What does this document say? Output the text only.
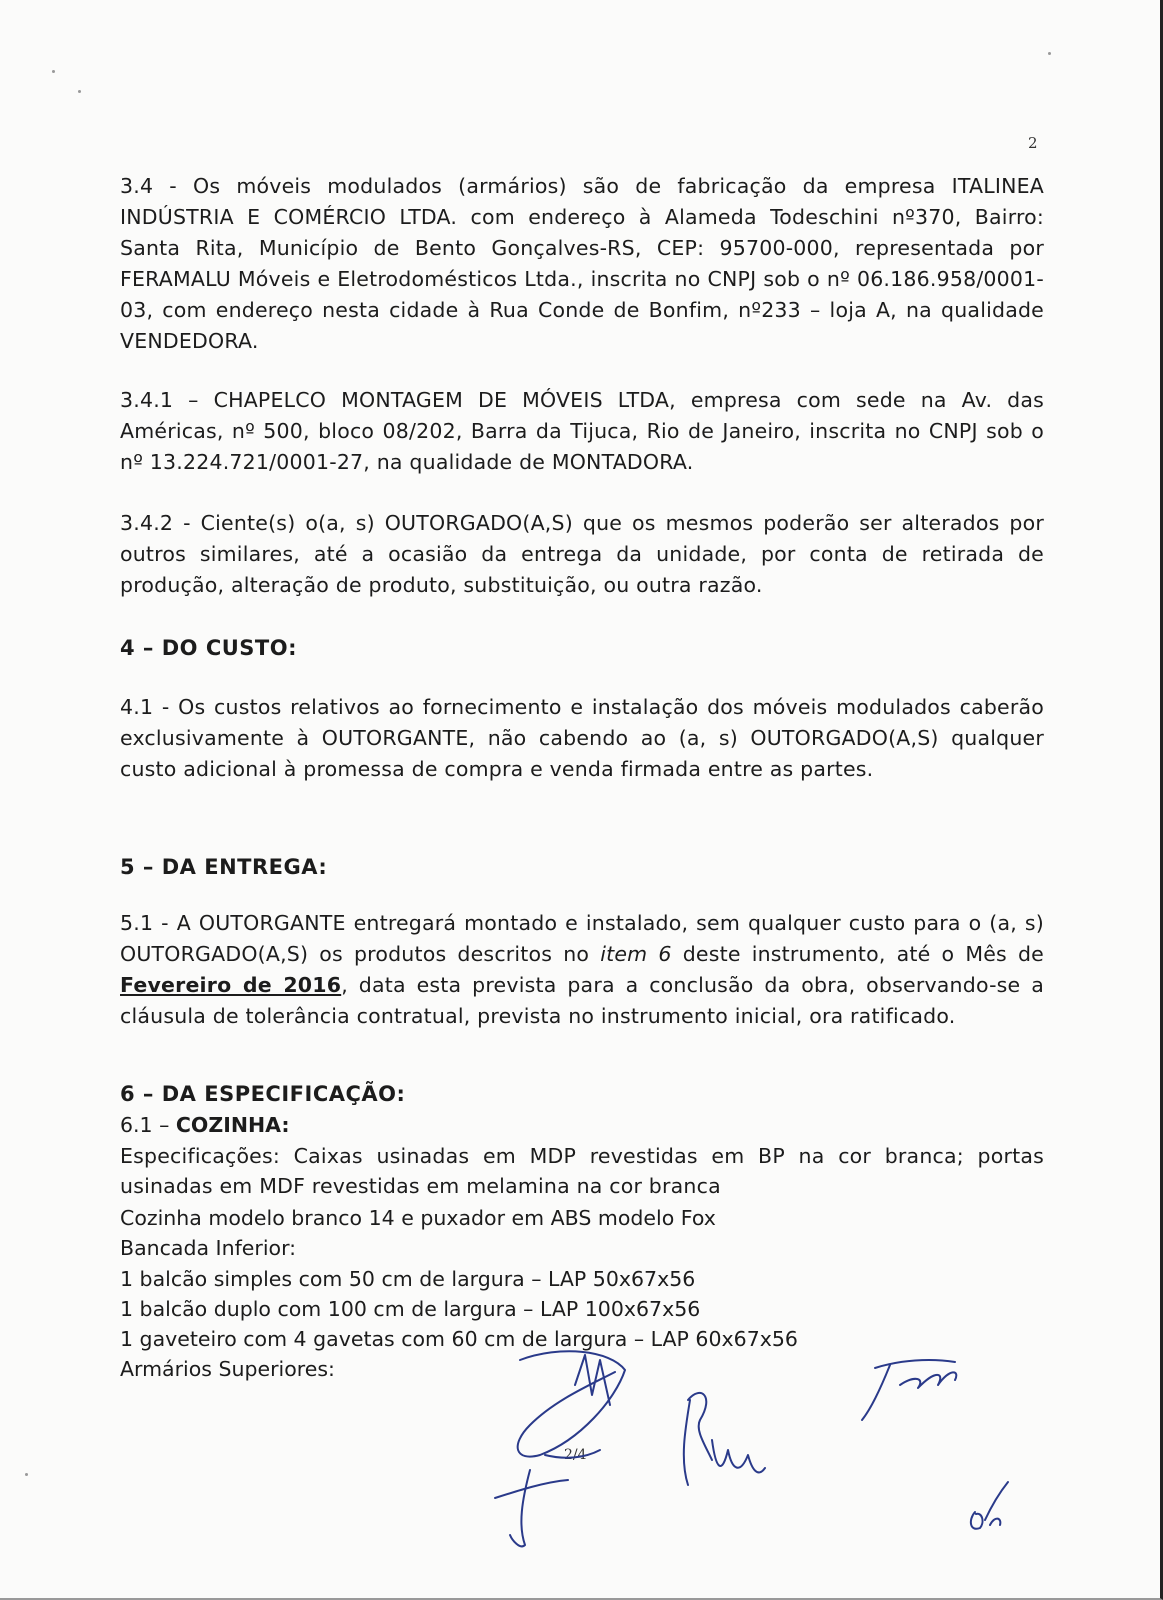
2
3.4 - Os móveis modulados (armários) são de fabricação da empresa ITALINEA INDÚSTRIA E COMÉRCIO LTDA. com endereço à Alameda Todeschini nº370, Bairro: Santa Rita, Município de Bento Gonçalves-RS, CEP: 95700-000, representada por FERAMALU Móveis e Eletrodomésticos Ltda., inscrita no CNPJ sob o nº 06.186.958/0001-03, com endereço nesta cidade à Rua Conde de Bonfim, nº233 – loja A, na qualidade VENDEDORA.
3.4.1 – CHAPELCO MONTAGEM DE MÓVEIS LTDA, empresa com sede na Av. das Américas, nº 500, bloco 08/202, Barra da Tijuca, Rio de Janeiro, inscrita no CNPJ sob o nº 13.224.721/0001-27, na qualidade de MONTADORA.
3.4.2 - Ciente(s) o(a, s) OUTORGADO(A,S) que os mesmos poderão ser alterados por outros similares, até a ocasião da entrega da unidade, por conta de retirada de produção, alteração de produto, substituição, ou outra razão.
4 – DO CUSTO:
4.1 - Os custos relativos ao fornecimento e instalação dos móveis modulados caberão exclusivamente à OUTORGANTE, não cabendo ao (a, s) OUTORGADO(A,S) qualquer custo adicional à promessa de compra e venda firmada entre as partes.
5 – DA ENTREGA:
5.1 - A OUTORGANTE entregará montado e instalado, sem qualquer custo para o (a, s) OUTORGADO(A,S) os produtos descritos no item 6 deste instrumento, até o Mês de Fevereiro de 2016, data esta prevista para a conclusão da obra, observando-se a cláusula de tolerância contratual, prevista no instrumento inicial, ora ratificado.
6 – DA ESPECIFICAÇÃO:
6.1 – COZINHA:
Especificações: Caixas usinadas em MDP revestidas em BP na cor branca; portas usinadas em MDF revestidas em melamina na cor branca
Cozinha modelo branco 14 e puxador em ABS modelo Fox
Bancada Inferior:
1 balcão simples com 50 cm de largura – LAP 50x67x56
1 balcão duplo com 100 cm de largura – LAP 100x67x56
1 gaveteiro com 4 gavetas com 60 cm de largura – LAP 60x67x56
Armários Superiores:
2/4
